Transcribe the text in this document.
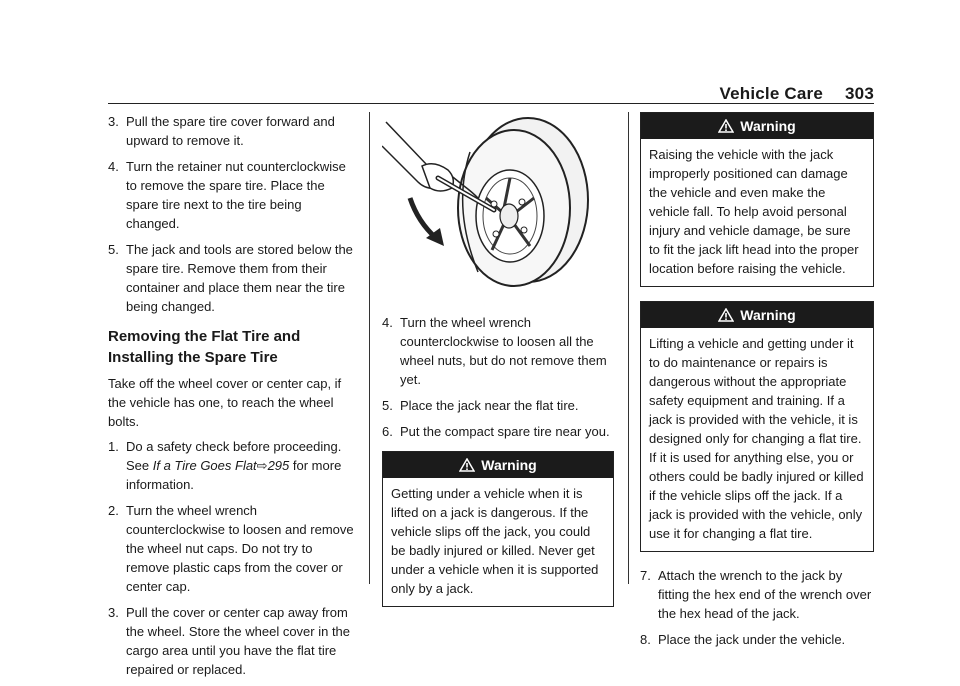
Vehicle Care 303
3. Pull the spare tire cover forward and upward to remove it.
4. Turn the retainer nut counterclockwise to remove the spare tire. Place the spare tire next to the tire being changed.
5. The jack and tools are stored below the spare tire. Remove them from their container and place them near the tire being changed.
Removing the Flat Tire and Installing the Spare Tire

Take off the wheel cover or center cap, if the vehicle has one, to reach the wheel bolts.

1. Do a safety check before proceeding. See If a Tire Goes Flat⇨295 for more information.
2. Turn the wheel wrench counterclockwise to loosen and remove the wheel nut caps. Do not try to remove plastic caps from the cover or center cap.
3. Pull the cover or center cap away from the wheel. Store the wheel cover in the cargo area until you have the flat tire repaired or replaced.
4. Turn the wheel wrench counterclockwise to loosen all the wheel nuts, but do not remove them yet.
5. Place the jack near the flat tire.
6. Put the compact spare tire near you.
Warning
Getting under a vehicle when it is lifted on a jack is dangerous. If the vehicle slips off the jack, you could be badly injured or killed. Never get under a vehicle when it is supported only by a jack.
Warning
Raising the vehicle with the jack improperly positioned can damage the vehicle and even make the vehicle fall. To help avoid personal injury and vehicle damage, be sure to fit the jack lift head into the proper location before raising the vehicle.
Warning
Lifting a vehicle and getting under it to do maintenance or repairs is dangerous without the appropriate safety equipment and training. If a jack is provided with the vehicle, it is designed only for changing a flat tire. If it is used for anything else, you or others could be badly injured or killed if the vehicle slips off the jack. If a jack is provided with the vehicle, only use it for changing a flat tire.
7. Attach the wrench to the jack by fitting the hex end of the wrench over the hex head of the jack.
8. Place the jack under the vehicle.
